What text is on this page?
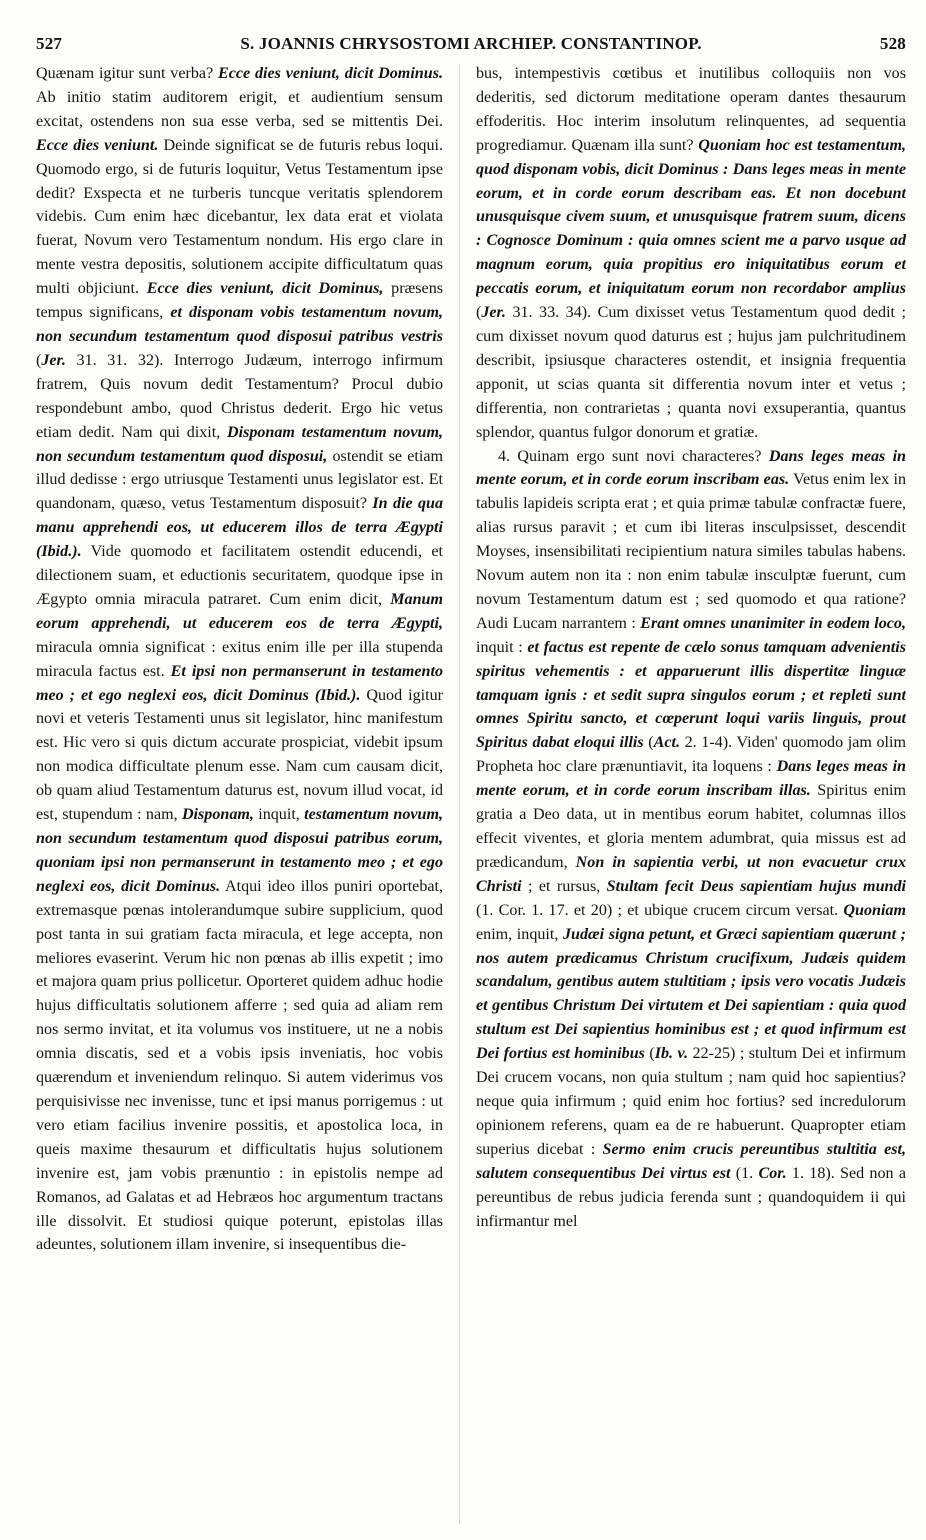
527	S. JOANNIS CHRYSOSTOMI ARCHIEP. CONSTANTINOP.	528

Quænam igitur sunt verba? Ecce dies veniunt, dicit Dominus. Ab initio statim auditorem erigit, et audientium sensum excitat, ostendens non sua esse verba, sed se mittentis Dei. Ecce dies veniunt. Deinde significat se de futuris rebus loqui. Quomodo ergo, si de futuris loquitur, Vetus Testamentum ipse dedit? Exspecta et ne turberis tuncque veritatis splendorem videbis. Cum enim hæc dicebantur, lex data erat et violata fuerat, Novum vero Testamentum nondum. His ergo clare in mente vestra depositis, solutionem accipite difficultatum quas multi objiciunt. Ecce dies veniunt, dicit Dominus, præsens tempus significans, et disponam vobis testamentum novum, non secundum testamentum quod disposui patribus vestris (Jer. 31. 31. 32). Interrogo Judæum, interrogo infirmum fratrem, Quis novum dedit Testamentum? Procul dubio respondebunt ambo, quod Christus dederit. Ergo hic vetus etiam dedit. Nam qui dixit, Disponam testamentum novum, non secundum testamentum quod disposui, ostendit se etiam illud dedisse : ergo utriusque Testamenti unus legislator est. Et quandonam, quæso, vetus Testamentum disposuit? In die qua manu apprehendi eos, ut educerem illos de terra Ægypti (Ibid.). Vide quomodo et facilitatem ostendit educendi, et dilectionem suam, et eductionis securitatem, quodque ipse in Ægypto omnia miracula patraret. Cum enim dicit, Manum eorum apprehendi, ut educerem eos de terra Ægypti, miracula omnia significat : exitus enim ille per illa stupenda miracula factus est. Et ipsi non permanserunt in testamento meo ; et ego neglexi eos, dicit Dominus (Ibid.). Quod igitur novi et veteris Testamenti unus sit legislator, hinc manifestum est. Hic vero si quis dictum accurate prospiciat, videbit ipsum non modica difficultate plenum esse. Nam cum causam dicit, ob quam aliud Testamentum daturus est, novum illud vocat, id est, stupendum : nam, Disponam, inquit, testamentum novum, non secundum testamentum quod disposui patribus eorum, quoniam ipsi non permanserunt in testamento meo ; et ego neglexi eos, dicit Dominus. Atqui ideo illos puniri oportebat, extremasque pœnas intolerandumque subire supplicium, quod post tanta in sui gratiam facta miracula, et lege accepta, non meliores evaserint. Verum hic non pœnas ab illis expetit ; imo et majora quam prius pollicetur. Oporteret quidem adhuc hodie hujus difficultatis solutionem afferre ; sed quia ad aliam rem nos sermo invitat, et ita volumus vos instituere, ut ne a nobis omnia discatis, sed et a vobis ipsis inveniatis, hoc vobis quærendum et inveniendum relinquo. Si autem viderimus vos perquisivisse nec invenisse, tunc et ipsi manus porrigemus : ut vero etiam facilius invenire possitis, et apostolica loca, in queis maxime thesaurum et difficultatis hujus solutionem invenire est, jam vobis prænuntio : in epistolis nempe ad Romanos, ad Galatas et ad Hebræos hoc argumentum tractans ille dissolvit. Et studiosi quique poterunt, epistolas illas adeuntes, solutionem illam invenire, si insequentibus die-

bus, intempestivis cœtibus et inutilibus colloquiis non vos dederitis, sed dictorum meditatione operam dantes thesaurum effoderitis. Hoc interim insolutum relinquentes, ad sequentia progrediamur. Quænam illa sunt? Quoniam hoc est testamentum, quod disponam vobis, dicit Dominus : Dans leges meas in mente eorum, et in corde eorum describam eas. Et non docebunt unusquisque civem suum, et unusquisque fratrem suum, dicens : Cognosce Dominum : quia omnes scient me a parvo usque ad magnum eorum, quia propitius ero iniquitatibus eorum et peccatis eorum, et iniquitatum eorum non recordabor amplius (Jer. 31. 33. 34). Cum dixisset vetus Testamentum quod dedit ; cum dixisset novum quod daturus est ; hujus jam pulchritudinem describit, ipsiusque characteres ostendit, et insignia frequentia apponit, ut scias quanta sit differentia novum inter et vetus ; differentia, non contrarietas ; quanta novi exsuperantia, quantus splendor, quantus fulgor donorum et gratiæ.

4. Quinam ergo sunt novi characteres? Dans leges meas in mente eorum, et in corde eorum inscribam eas. Vetus enim lex in tabulis lapideis scripta erat ; et quia primæ tabulæ confractæ fuere, alias rursus paravit ; et cum ibi literas insculpsisset, descendit Moyses, insensibilitati recipientium natura similes tabulas habens. Novum autem non ita : non enim tabulæ insculptæ fuerunt, cum novum Testamentum datum est ; sed quomodo et qua ratione? Audi Lucam narrantem : Erant omnes unanimiter in eodem loco, inquit : et factus est repente de cælo sonus tamquam advenientis spiritus vehementis : et apparuerunt illis dispertitæ linguæ tamquam ignis : et sedit supra singulos eorum ; et repleti sunt omnes Spiritu sancto, et cœperunt loqui variis linguis, prout Spiritus dabat eloqui illis (Act. 2. 1-4). Viden' quomodo jam olim Propheta hoc clare prænuntiavit, ita loquens : Dans leges meas in mente eorum, et in corde eorum inscribam illas. Spiritus enim gratia a Deo data, ut in mentibus eorum habitet, columnas illos effecit viventes, et gloria mentem adumbrat, quia missus est ad prædicandum, Non in sapientia verbi, ut non evacuetur crux Christi ; et rursus, Stultam fecit Deus sapientiam hujus mundi (1. Cor. 1. 17. et 20) ; et ubique crucem circum versat. Quoniam enim, inquit, Judæi signa petunt, et Græci sapientiam quærunt ; nos autem prædicamus Christum crucifixum, Judæis quidem scandalum, gentibus autem stultitiam ; ipsis vero vocatis Judæis et gentibus Christum Dei virtutem et Dei sapientiam : quia quod stultum est Dei sapientius hominibus est ; et quod infirmum est Dei fortius est hominibus (Ib. v. 22-25) ; stultum Dei et infirmum Dei crucem vocans, non quia stultum ; nam quid hoc sapientius? neque quia infirmum ; quid enim hoc fortius? sed incredulorum opinionem referens, quam ea de re habuerunt. Quapropter etiam superius dicebat : Sermo enim crucis pereuntibus stultitia est, salutem consequentibus Dei virtus est (1. Cor. 1. 18). Sed non a pereuntibus de rebus judicia ferenda sunt ; quandoquidem ii qui infirmantur mel
